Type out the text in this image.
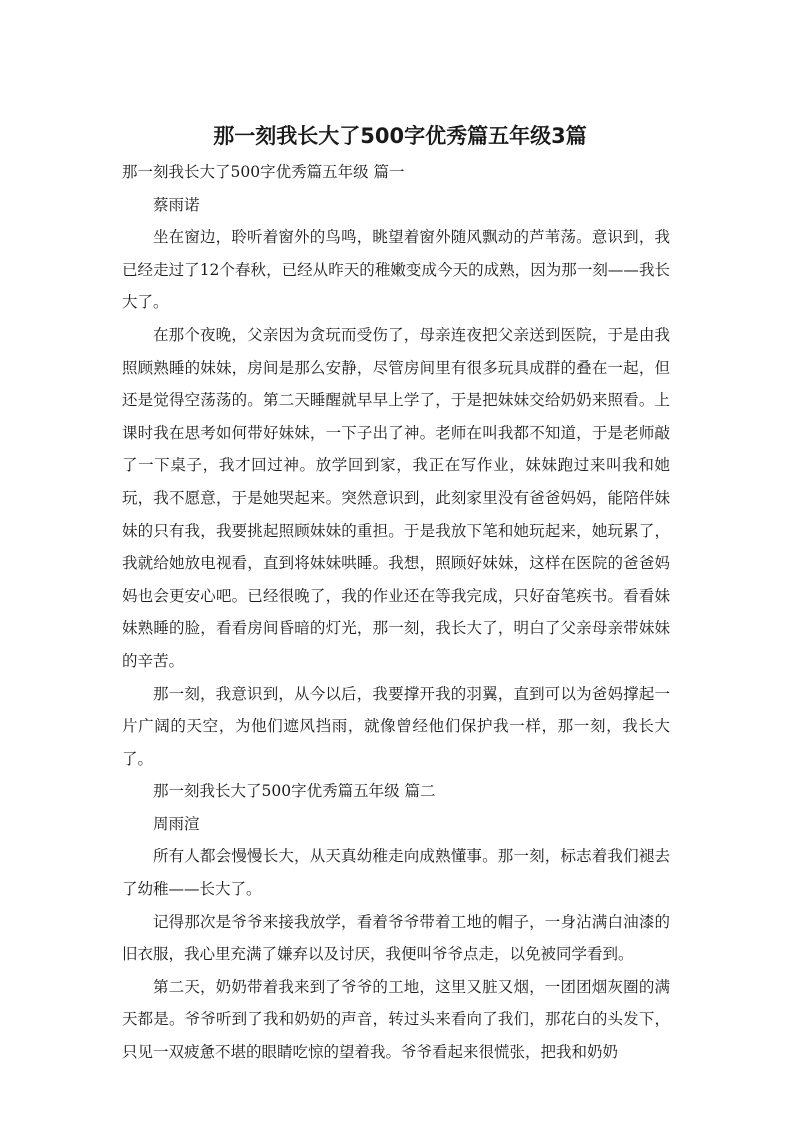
那一刻我长大了500字优秀篇五年级3篇

那一刻我长大了500字优秀篇五年级 篇一

蔡雨诺

坐在窗边，聆听着窗外的鸟鸣，眺望着窗外随风飘动的芦苇荡。意识到，我已经走过了12个春秋，已经从昨天的稚嫩变成今天的成熟，因为那一刻——我长大了。

在那个夜晚，父亲因为贪玩而受伤了，母亲连夜把父亲送到医院，于是由我照顾熟睡的妹妹，房间是那么安静，尽管房间里有很多玩具成群的叠在一起，但还是觉得空荡荡的。第二天睡醒就早早上学了，于是把妹妹交给奶奶来照看。上课时我在思考如何带好妹妹，一下子出了神。老师在叫我都不知道，于是老师敲了一下桌子，我才回过神。放学回到家，我正在写作业，妹妹跑过来叫我和她玩，我不愿意，于是她哭起来。突然意识到，此刻家里没有爸爸妈妈，能陪伴妹妹的只有我，我要挑起照顾妹妹的重担。于是我放下笔和她玩起来，她玩累了，我就给她放电视看，直到将妹妹哄睡。我想，照顾好妹妹，这样在医院的爸爸妈妈也会更安心吧。已经很晚了，我的作业还在等我完成，只好奋笔疾书。看看妹妹熟睡的脸，看看房间昏暗的灯光，那一刻，我长大了，明白了父亲母亲带妹妹的辛苦。

那一刻，我意识到，从今以后，我要撑开我的羽翼，直到可以为爸妈撑起一片广阔的天空，为他们遮风挡雨，就像曾经他们保护我一样，那一刻，我长大了。

那一刻我长大了500字优秀篇五年级 篇二

周雨渲

所有人都会慢慢长大，从天真幼稚走向成熟懂事。那一刻，标志着我们褪去了幼稚——长大了。

记得那次是爷爷来接我放学，看着爷爷带着工地的帽子，一身沾满白油漆的旧衣服，我心里充满了嫌弃以及讨厌，我便叫爷爷点走，以免被同学看到。

第二天，奶奶带着我来到了爷爷的工地，这里又脏又烟，一团团烟灰圈的满天都是。爷爷听到了我和奶奶的声音，转过头来看向了我们，那花白的头发下，只见一双疲惫不堪的眼睛吃惊的望着我。爷爷看起来很慌张，把我和奶奶
